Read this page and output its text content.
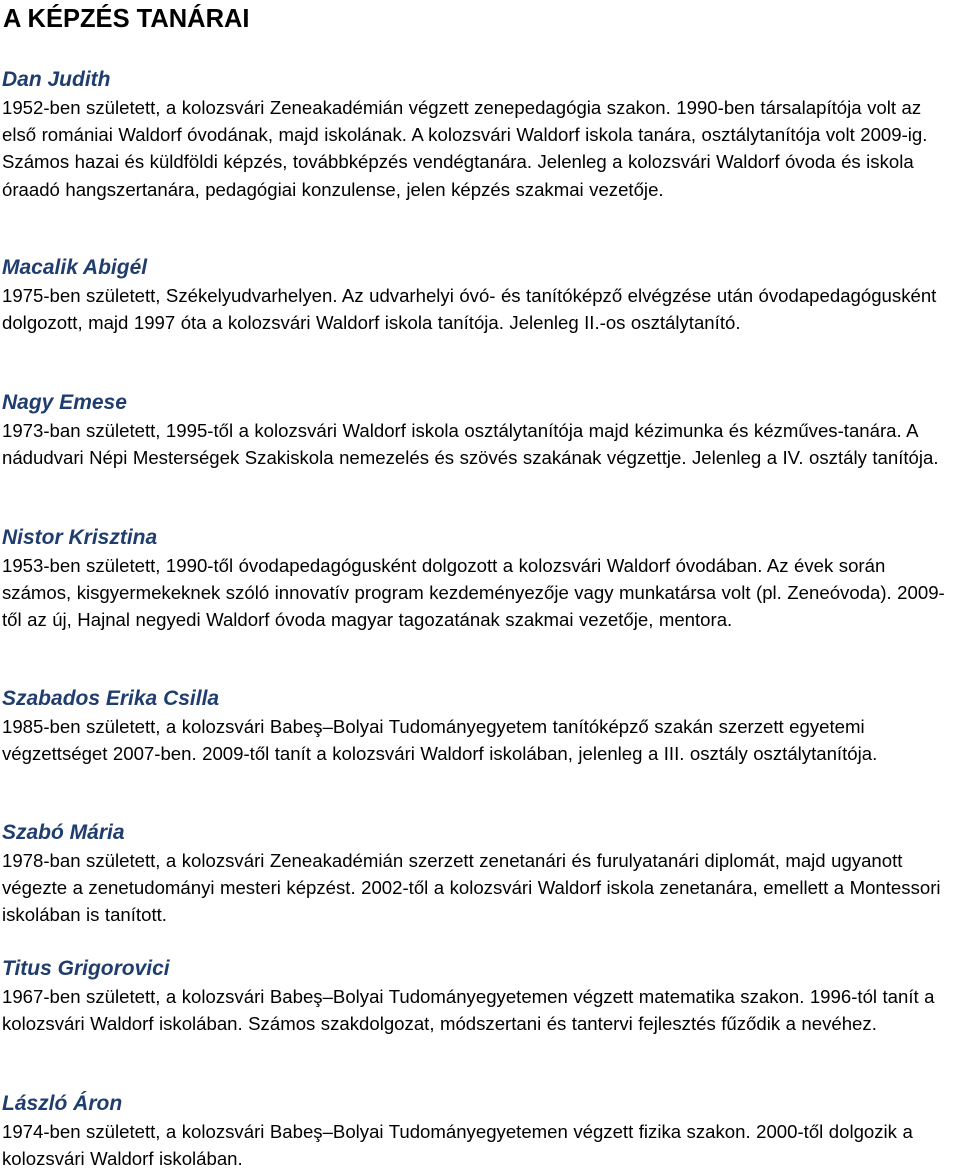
A KÉPZÉS TANÁRAI
Dan Judith
1952-ben született, a kolozsvári Zeneakadémián végzett zenepedagógia szakon. 1990-ben társalapítója volt az első romániai Waldorf óvodának, majd iskolának. A kolozsvári Waldorf iskola tanára, osztálytanítója volt 2009-ig. Számos hazai és küldföldi képzés, továbbképzés vendégtanára. Jelenleg a kolozsvári Waldorf óvoda és iskola óraadó hangszertanára, pedagógiai konzulense, jelen képzés szakmai vezetője.
Macalik Abigél
1975-ben született, Székelyudvarhelyen. Az udvarhelyi óvó- és tanítóképző elvégzése után óvodapedagógusként dolgozott, majd 1997 óta a kolozsvári Waldorf iskola tanítója. Jelenleg II.-os osztálytanító.
Nagy Emese
1973-ban született, 1995-től a kolozsvári Waldorf iskola osztálytanítója majd kézimunka és kézműves-tanára. A nádudvari Népi Mesterségek Szakiskola nemezelés és szövés szakának végzettje. Jelenleg a IV. osztály tanítója.
Nistor Krisztina
1953-ben született, 1990-től óvodapedagógusként dolgozott a kolozsvári Waldorf óvodában. Az évek során számos, kisgyermekeknek szóló innovatív program kezdeményezője vagy munkatársa volt (pl. Zeneóvoda). 2009-től az új, Hajnal negyedi Waldorf óvoda magyar tagozatának szakmai vezetője, mentora.
Szabados Erika Csilla
1985-ben született, a kolozsvári Babeş‒Bolyai Tudományegyetem tanítóképző szakán szerzett egyetemi végzettséget 2007-ben. 2009-től tanít a kolozsvári Waldorf iskolában, jelenleg a III. osztály osztálytanítója.
Szabó Mária
1978-ban született, a kolozsvári Zeneakadémián szerzett zenetanári és furulyatanári diplomát, majd ugyanott végezte a zenetudományi mesteri képzést. 2002-től a kolozsvári Waldorf iskola zenetanára, emellett a Montessori iskolában is tanított.
Titus Grigorovici
1967-ben született, a kolozsvári Babeş‒Bolyai Tudományegyetemen végzett matematika szakon. 1996-tól tanít a kolozsvári Waldorf iskolában. Számos szakdolgozat, módszertani és tantervi fejlesztés fűződik a nevéhez.
László Áron
1974-ben született, a kolozsvári Babeş‒Bolyai Tudományegyetemen végzett fizika szakon. 2000-től dolgozik a kolozsvári Waldorf iskolában.
